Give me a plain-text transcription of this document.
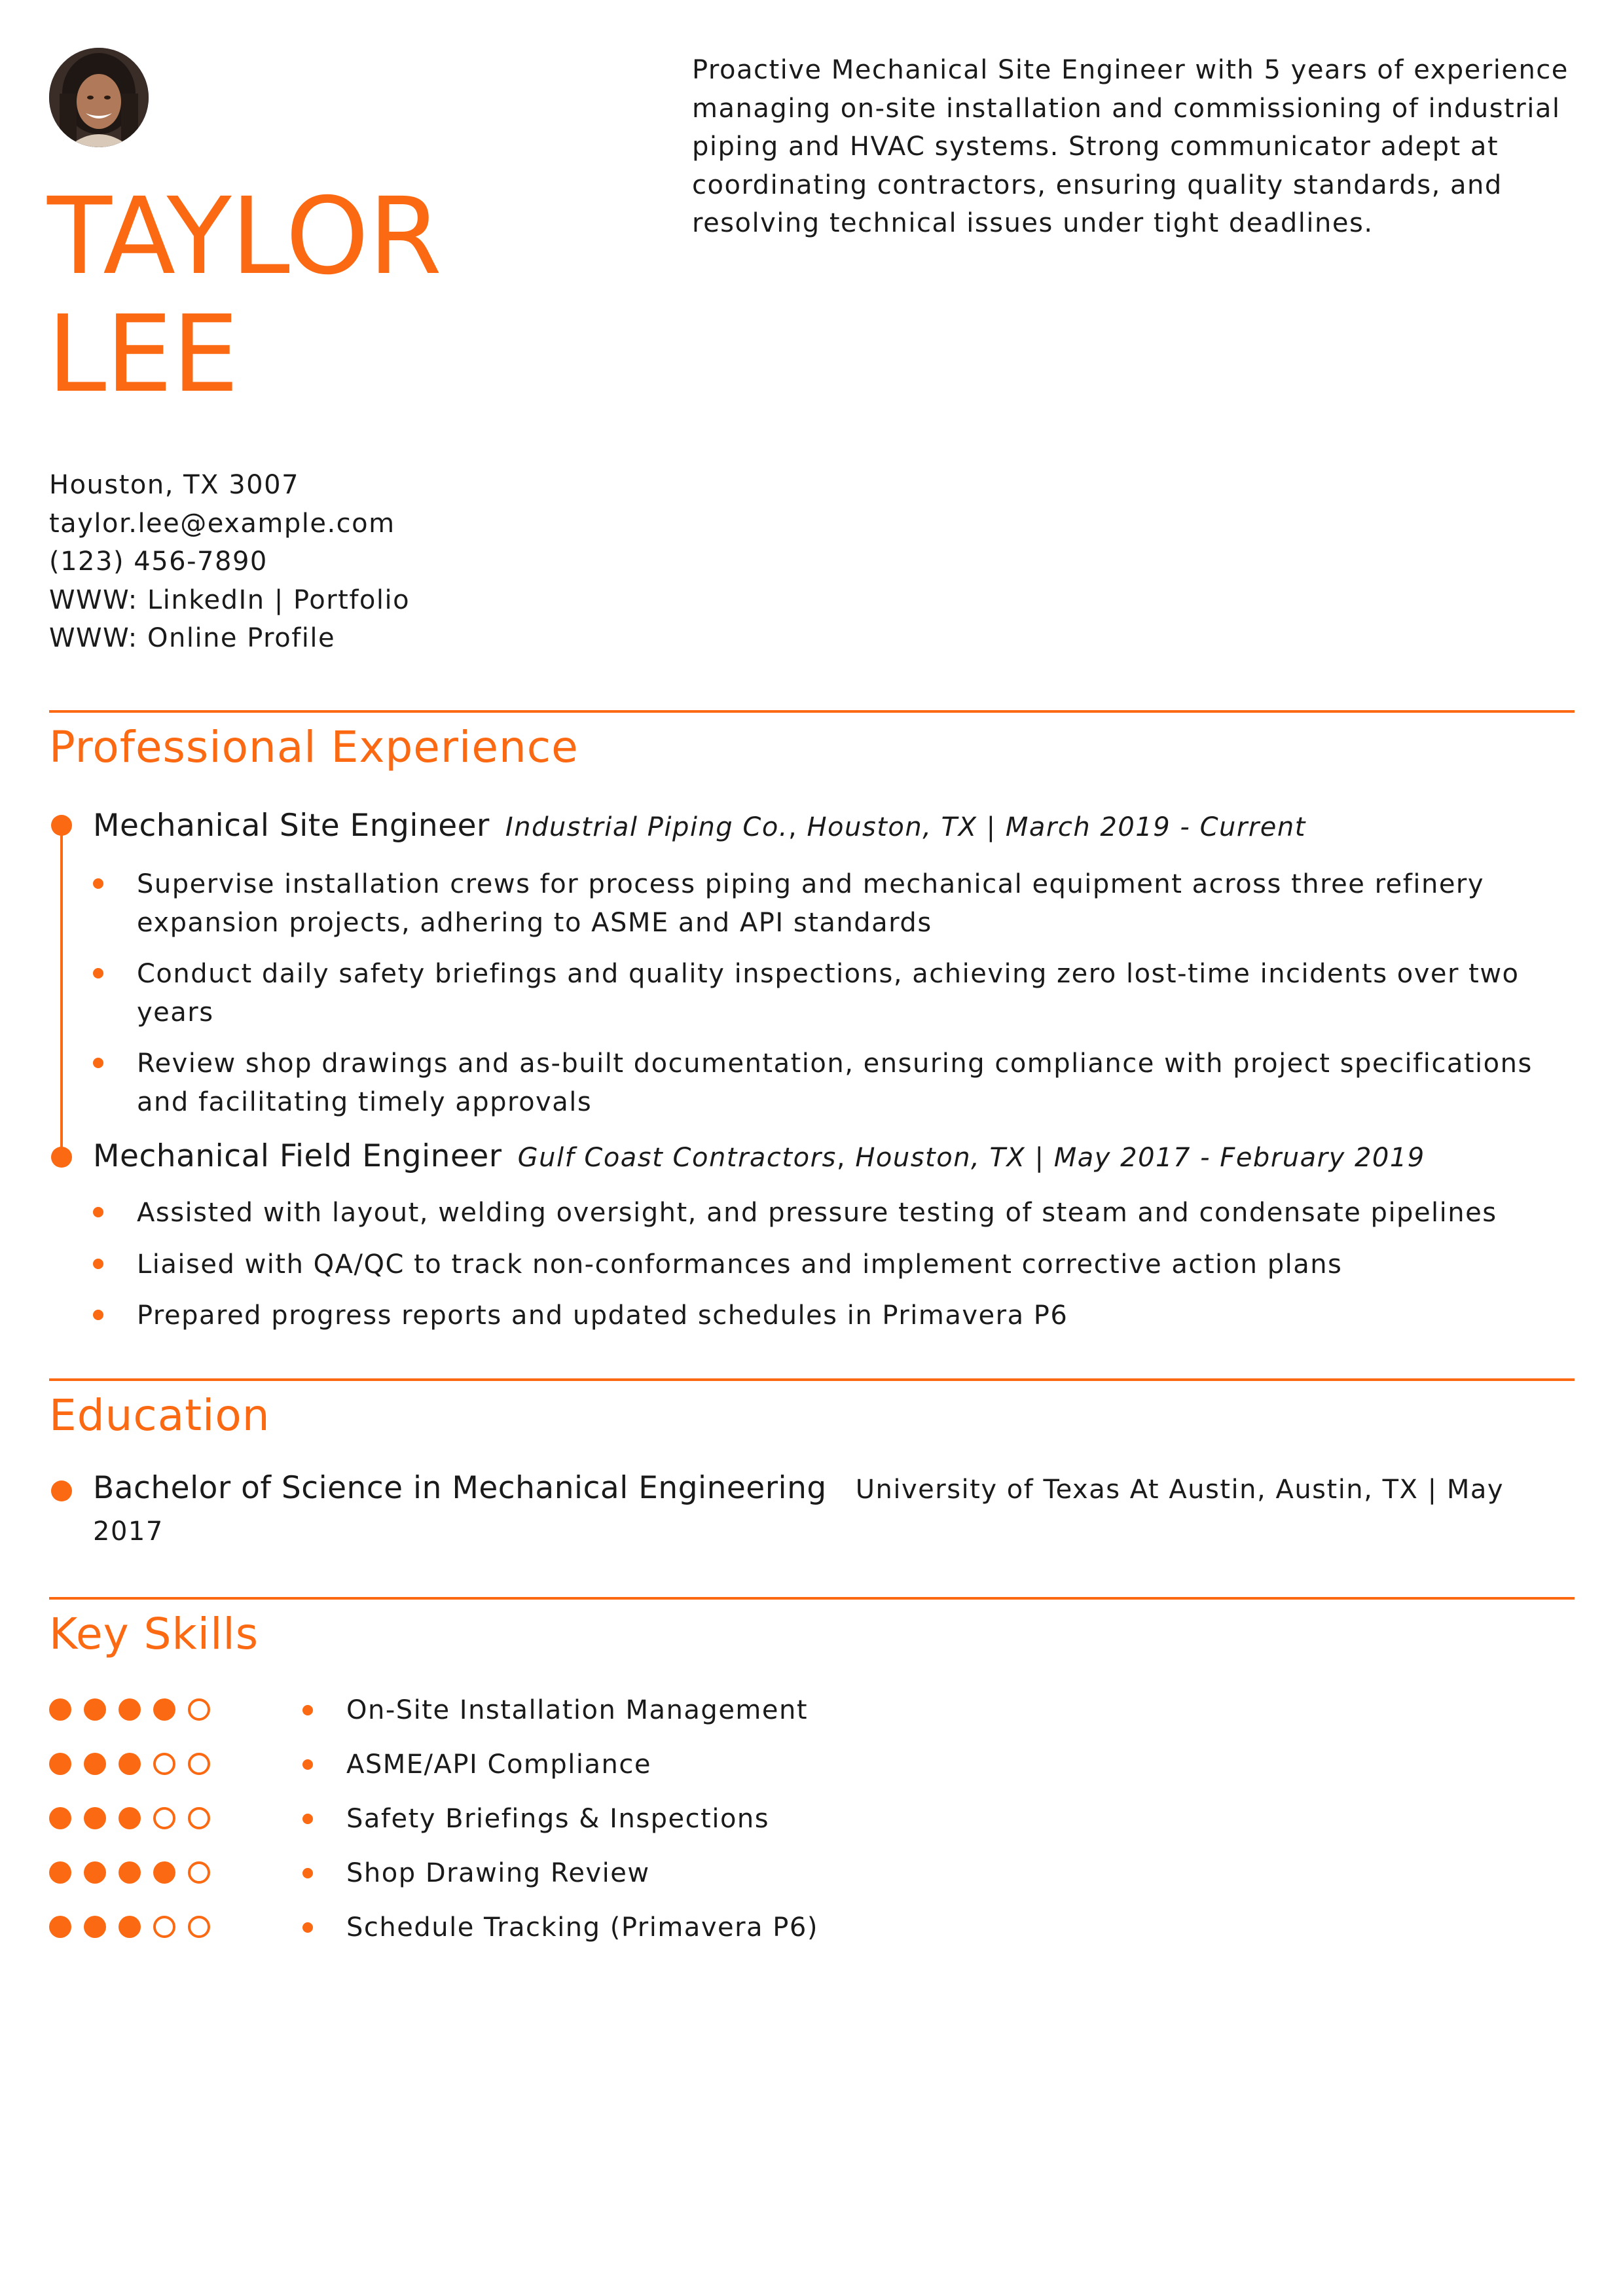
TAYLOR
LEE

Proactive Mechanical Site Engineer with 5 years of experience managing on-site installation and commissioning of industrial piping and HVAC systems. Strong communicator adept at coordinating contractors, ensuring quality standards, and resolving technical issues under tight deadlines.

Houston, TX 3007
taylor.lee@example.com
(123) 456-7890
WWW: LinkedIn | Portfolio
WWW: Online Profile
Professional Experience
Mechanical Site Engineer Industrial Piping Co., Houston, TX | March 2019 - Current
Supervise installation crews for process piping and mechanical equipment across three refinery expansion projects, adhering to ASME and API standards
Conduct daily safety briefings and quality inspections, achieving zero lost-time incidents over two years
Review shop drawings and as-built documentation, ensuring compliance with project specifications and facilitating timely approvals
Mechanical Field Engineer Gulf Coast Contractors, Houston, TX | May 2017 - February 2019
Assisted with layout, welding oversight, and pressure testing of steam and condensate pipelines
Liaised with QA/QC to track non-conformances and implement corrective action plans
Prepared progress reports and updated schedules in Primavera P6
Education
Bachelor of Science in Mechanical Engineering University of Texas At Austin, Austin, TX | May 2017
Key Skills
On-Site Installation Management
ASME/API Compliance
Safety Briefings & Inspections
Shop Drawing Review
Schedule Tracking (Primavera P6)
